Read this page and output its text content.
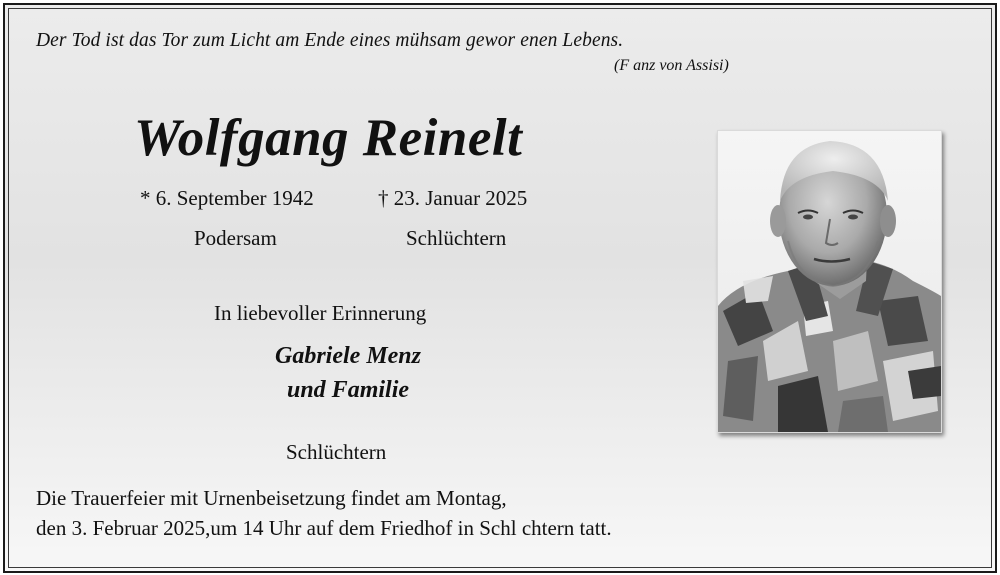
Der Tod ist das Tor zum Licht am Ende eines mühsam gewor enen Lebens.
(F anz von Assisi)
Wolfgang Reinelt
* 6. September 1942	† 23. Januar 2025
Podersam	Schlüchtern
In liebevoller Erinnerung
Gabriele Menz
und Familie
Schlüchtern
Die Trauerfeier mit Urnenbeisetzung findet am Montag,
den 3. Februar 2025,um 14 Uhr auf dem Friedhof in Schl chtern tatt.
